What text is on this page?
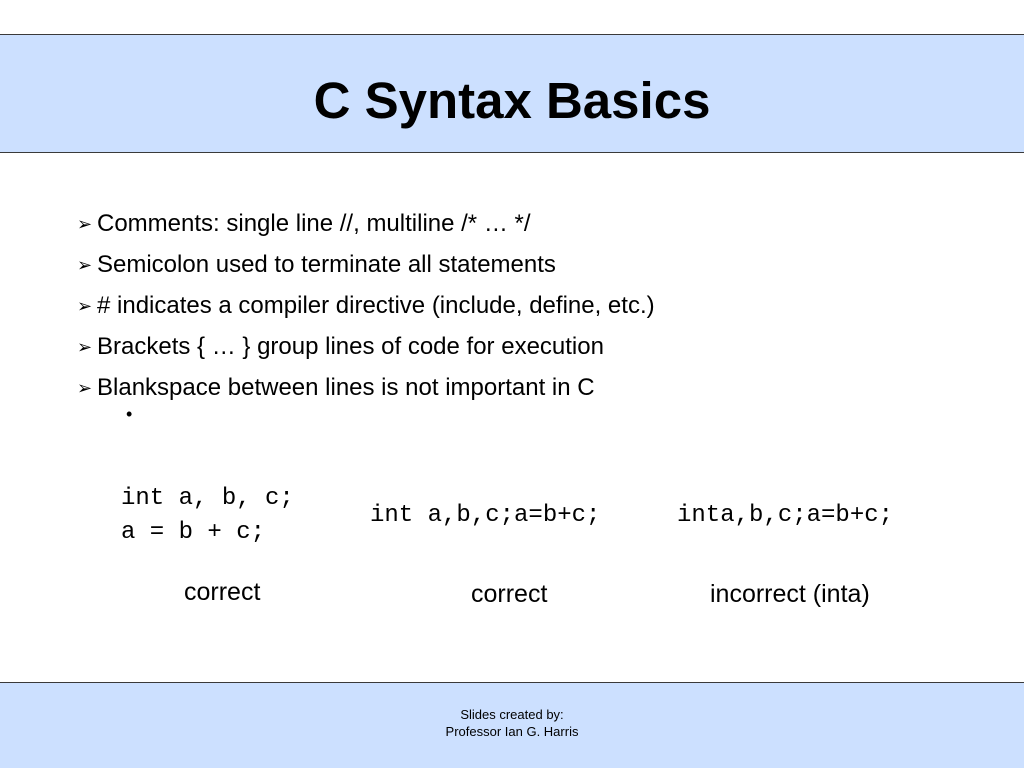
C Syntax Basics
➢ Comments: single line //, multiline /* … */
➢ Semicolon used to terminate all statements
➢ # indicates a compiler directive (include, define, etc.)
➢ Brackets { … } group lines of code for execution
➢ Blankspace between lines is not important in C
•
int a, b, c;
a = b + c;
int a,b,c;a=b+c;	inta,b,c;a=b+c;
correct	correct	incorrect (inta)
Slides created by:
Professor Ian G. Harris
